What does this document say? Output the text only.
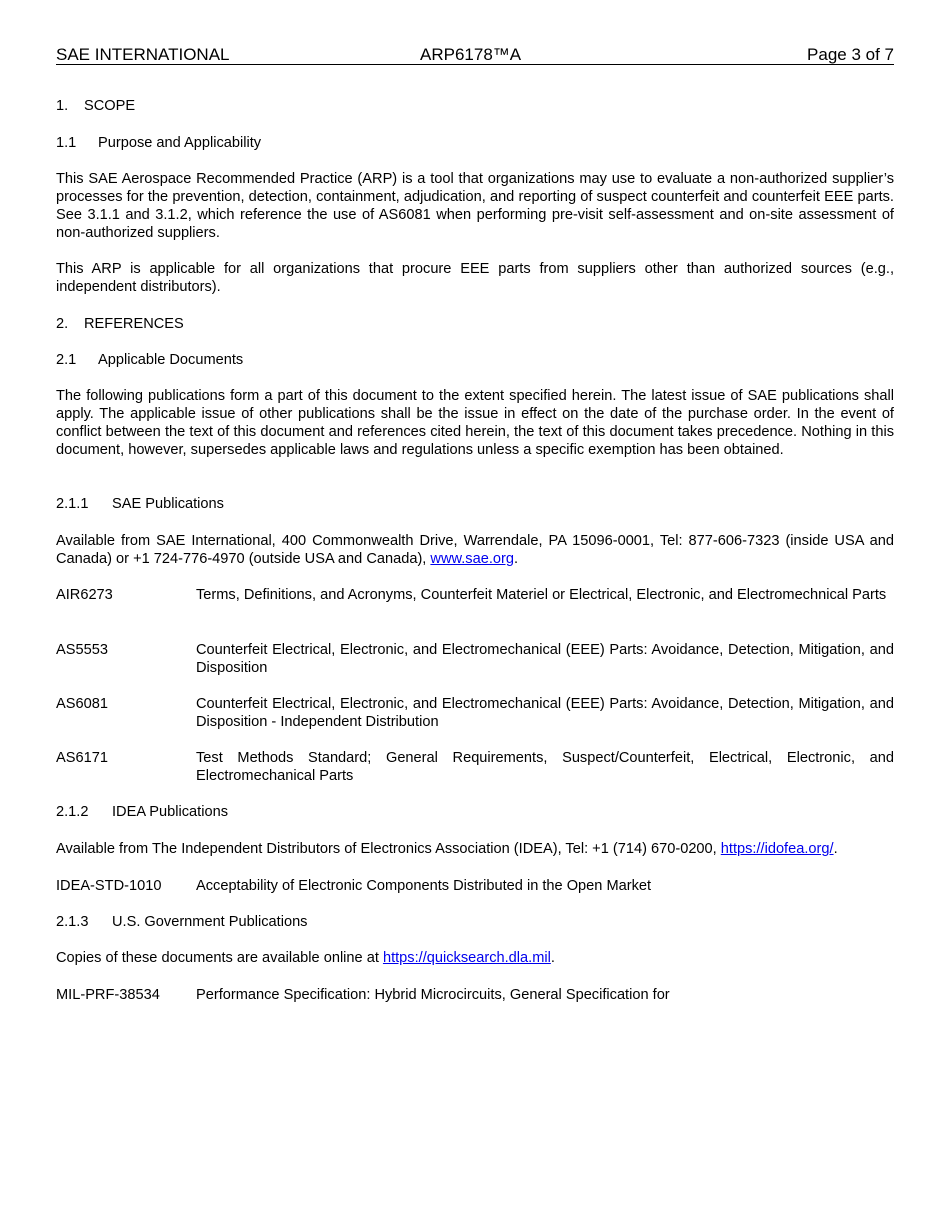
SAE INTERNATIONAL	ARP6178™A	Page 3 of 7
1. SCOPE
1.1 Purpose and Applicability
This SAE Aerospace Recommended Practice (ARP) is a tool that organizations may use to evaluate a non-authorized supplier’s processes for the prevention, detection, containment, adjudication, and reporting of suspect counterfeit and counterfeit EEE parts. See 3.1.1 and 3.1.2, which reference the use of AS6081 when performing pre-visit self-assessment and on-site assessment of non-authorized suppliers.
This ARP is applicable for all organizations that procure EEE parts from suppliers other than authorized sources (e.g., independent distributors).
2. REFERENCES
2.1 Applicable Documents
The following publications form a part of this document to the extent specified herein. The latest issue of SAE publications shall apply. The applicable issue of other publications shall be the issue in effect on the date of the purchase order. In the event of conflict between the text of this document and references cited herein, the text of this document takes precedence. Nothing in this document, however, supersedes applicable laws and regulations unless a specific exemption has been obtained.
2.1.1 SAE Publications
Available from SAE International, 400 Commonwealth Drive, Warrendale, PA 15096-0001, Tel: 877-606-7323 (inside USA and Canada) or +1 724-776-4970 (outside USA and Canada), www.sae.org.
AIR6273	Terms, Definitions, and Acronyms, Counterfeit Materiel or Electrical, Electronic, and Electromechnical Parts
AS5553	Counterfeit Electrical, Electronic, and Electromechanical (EEE) Parts: Avoidance, Detection, Mitigation, and Disposition
AS6081	Counterfeit Electrical, Electronic, and Electromechanical (EEE) Parts: Avoidance, Detection, Mitigation, and Disposition - Independent Distribution
AS6171	Test Methods Standard; General Requirements, Suspect/Counterfeit, Electrical, Electronic, and Electromechanical Parts
2.1.2 IDEA Publications
Available from The Independent Distributors of Electronics Association (IDEA), Tel: +1 (714) 670-0200, https://idofea.org/.
IDEA-STD-1010 Acceptability of Electronic Components Distributed in the Open Market
2.1.3 U.S. Government Publications
Copies of these documents are available online at https://quicksearch.dla.mil.
MIL-PRF-38534 Performance Specification: Hybrid Microcircuits, General Specification for
